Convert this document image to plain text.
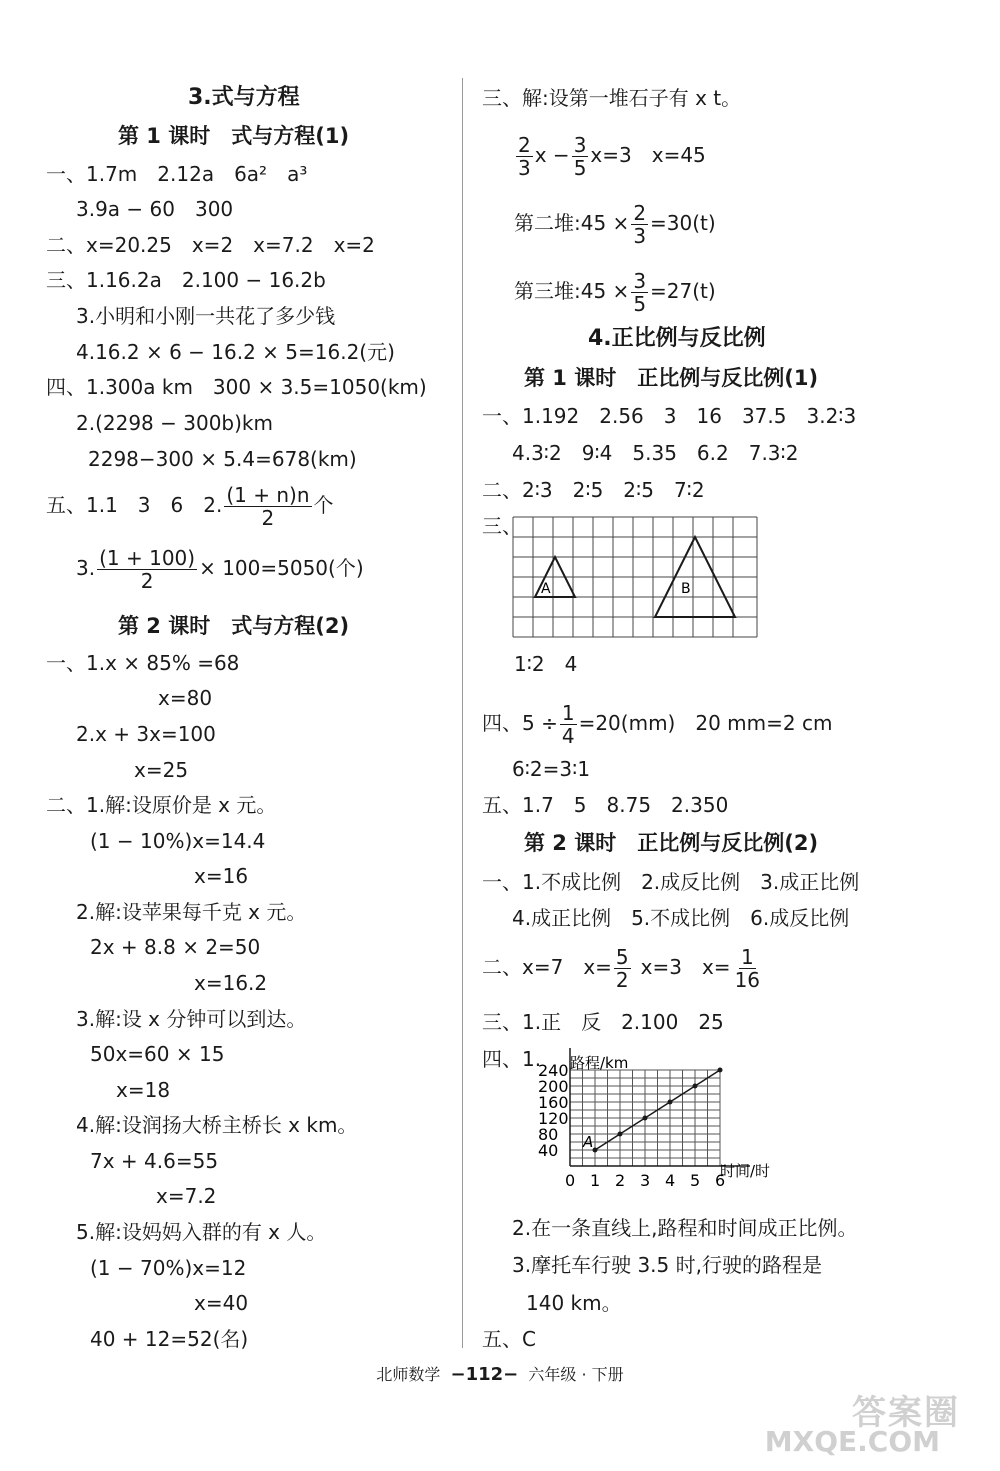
3.式与方程
第 1 课时　式与方程(1)
一、1.7m　2.12a　6a²　a³
3.9a − 60　300
二、x=20.25　x=2　x=7.2　x=2
三、1.16.2a　2.100 − 16.2b
3.小明和小刚一共花了多少钱
4.16.2 × 6 − 16.2 × 5=16.2(元)
四、1.300a km　300 × 3.5=1050(km)
2.(2298 − 300b)km
2298−300 × 5.4=678(km)
五、1.1　3　6　2. $\frac{(1 + n)n}{2}$ 个
3. $\frac{(1 + 100)}{2} \times 100=5050$(个)
第 2 课时　式与方程(2)
一、1.x × 85% =68
x=80
2.x + 3x=100
x=25
二、1.解:设原价是 x 元。
(1 − 10%)x=14.4
x=16
2.解:设苹果每千克 x 元。
2x + 8.8 × 2=50
x=16.2
3.解:设 x 分钟可以到达。
50x=60 × 15
x=18
4.解:设润扬大桥主桥长 x km。
7x + 4.6=55
x=7.2
5.解:设妈妈入群的有 x 人。
(1 − 70%)x=12
x=40
40 + 12=52(名)
三、解:设第一堆石子有 x t。
$\frac{2}{3}$ $x - \frac{3}{5} x=3$　x=45
第二堆:45 × $\frac{2}{3} =30(t)$
第三堆:45 × $\frac{3}{5} =27(t)$
4.正比例与反比例
第 1 课时　正比例与反比例(1)
一、1.192　2.56　3　16　37.5　3.2∶3
4.3∶2　9∶4　5.35　6.2　7.3∶2
二、2∶3　2∶5　2∶5　7∶2
三、
A	B
1∶2　4
四、$5 \div \frac{1}{4} =20(mm)$　20 mm=2 cm
6∶2=3∶1
五、1.7　5　8.75　2.350
第 2 课时　正比例与反比例(2)
一、1.不成比例　2.成反比例　3.成正比例
4.成正比例　5.不成比例　6.成反比例
二、x=7　$x= \frac{5}{2} x=3$　$x= \frac{1}{16}$
三、1.正　反　2.100　25
四、1.
0 1 2 3 4 5 6
40
80
120
160
200
240
A
路程/km
时间/时
2.在一条直线上,路程和时间成正比例。
3.摩托车行驶 3.5 时,行驶的路程是
140 km。
五、C
北师数学 −112− 六年级 · 下册
答案圈
MXQE.COM
